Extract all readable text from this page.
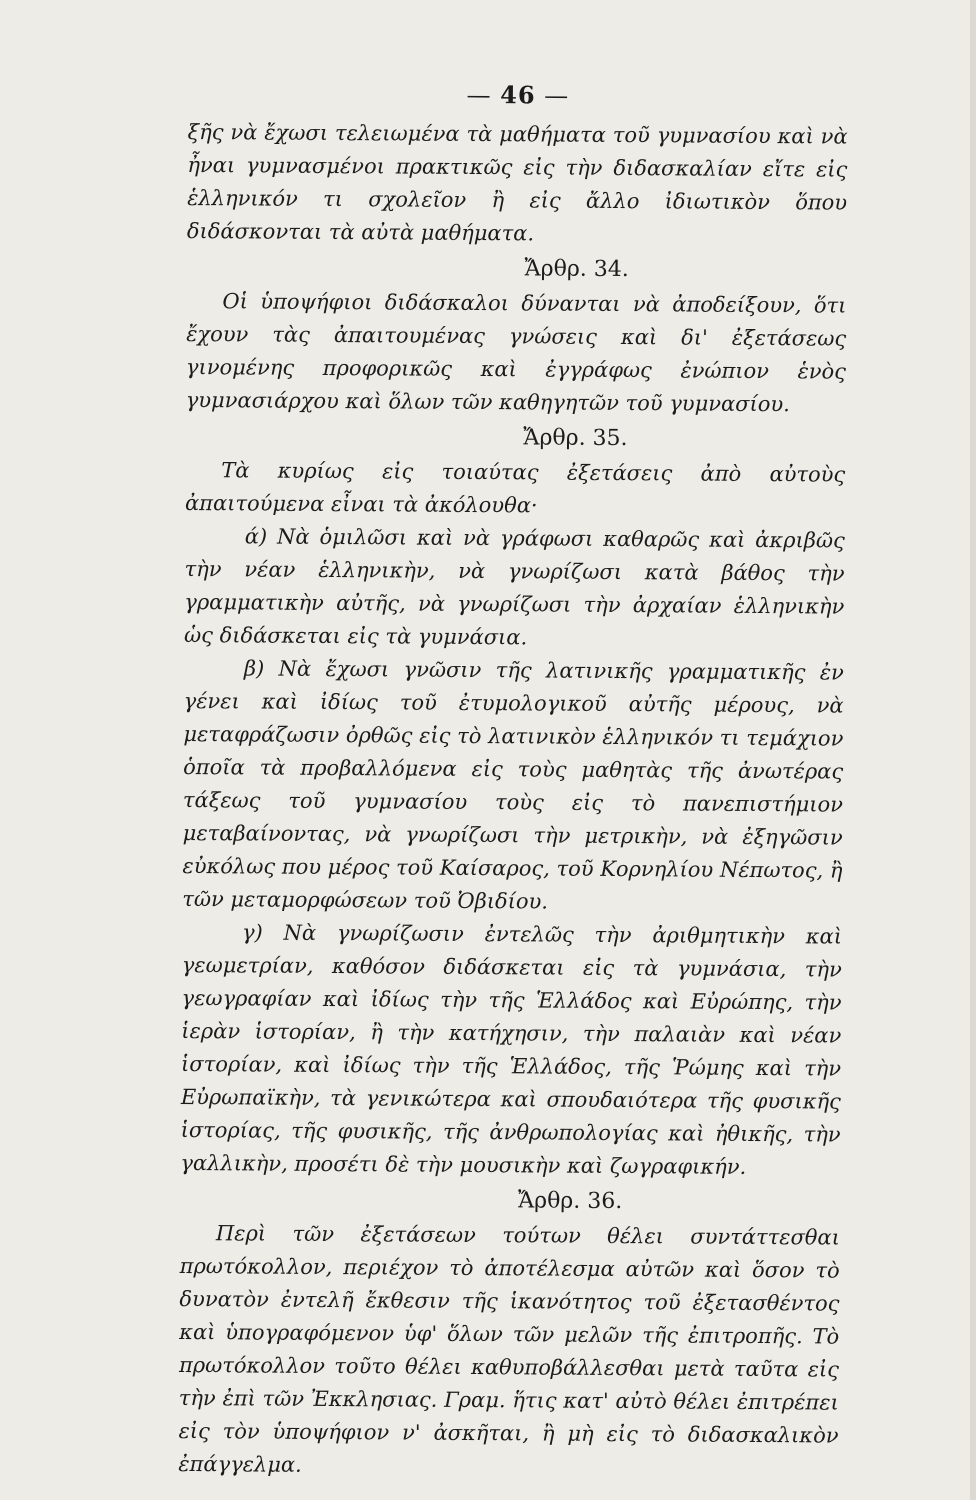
— 46 —

ξῆς νὰ ἔχωσι τελειωμένα τὰ μαθήματα τοῦ γυμνασίου καὶ νὰ ἦναι γυμνασμένοι πρακτικῶς εἰς τὴν διδασκαλίαν εἴτε εἰς ἑλληνικόν τι σχολεῖον ἢ εἰς ἄλλο ἰδιωτικὸν ὅπου διδάσκονται τὰ αὐτὰ μαθήματα.

Ἄρθρ. 34.

Οἱ ὑποψήφιοι διδάσκαλοι δύνανται νὰ ἀποδείξουν, ὅτι ἔχουν τὰς ἀπαιτουμένας γνώσεις καὶ δι' ἐξετάσεως γινομένης προφορικῶς καὶ ἐγγράφως ἐνώπιον ἑνὸς γυμνασιάρχου καὶ ὅλων τῶν καθηγητῶν τοῦ γυμνασίου.

Ἄρθρ. 35.

Τὰ κυρίως εἰς τοιαύτας ἐξετάσεις ἀπὸ αὐτοὺς ἀπαιτούμενα εἶναι τὰ ἀκόλουθα·

ά) Νὰ ὁμιλῶσι καὶ νὰ γράφωσι καθαρῶς καὶ ἀκριβῶς τὴν νέαν ἑλληνικὴν, νὰ γνωρίζωσι κατὰ βάθος τὴν γραμματικὴν αὐτῆς, νὰ γνωρίζωσι τὴν ἀρχαίαν ἑλληνικὴν ὡς διδάσκεται εἰς τὰ γυμνάσια.

β) Νὰ ἔχωσι γνῶσιν τῆς λατινικῆς γραμματικῆς ἐν γένει καὶ ἰδίως τοῦ ἐτυμολογικοῦ αὐτῆς μέρους, νὰ μεταφράζωσιν ὀρθῶς εἰς τὸ λατινικὸν ἑλληνικόν τι τεμάχιον ὁποῖα τὰ προβαλλόμενα εἰς τοὺς μαθητὰς τῆς ἀνωτέρας τάξεως τοῦ γυμνασίου τοὺς εἰς τὸ πανεπιστήμιον μεταβαίνοντας, νὰ γνωρίζωσι τὴν μετρικὴν, νὰ ἐξηγῶσιν εὐκόλως που μέρος τοῦ Καίσαρος, τοῦ Κορνηλίου Νέπωτος, ἢ τῶν μεταμορφώσεων τοῦ Ὀβιδίου.

γ) Νὰ γνωρίζωσιν ἐντελῶς τὴν ἀριθμητικὴν καὶ γεωμετρίαν, καθόσον διδάσκεται εἰς τὰ γυμνάσια, τὴν γεωγραφίαν καὶ ἰδίως τὴν τῆς Ἑλλάδος καὶ Εὐρώπης, τὴν ἱερὰν ἱστορίαν, ἢ τὴν κατήχησιν, τὴν παλαιὰν καὶ νέαν ἱστορίαν, καὶ ἰδίως τὴν τῆς Ἑλλάδος, τῆς Ῥώμης καὶ τὴν Εὐρωπαϊκὴν, τὰ γενικώτερα καὶ σπουδαιότερα τῆς φυσικῆς ἱστορίας, τῆς φυσικῆς, τῆς ἀνθρωπολογίας καὶ ἠθικῆς, τὴν γαλλικὴν, προσέτι δὲ τὴν μουσικὴν καὶ ζωγραφικήν.

Ἄρθρ. 36.

Περὶ τῶν ἐξετάσεων τούτων θέλει συντάττεσθαι πρωτόκολλον, περιέχον τὸ ἀποτέλεσμα αὐτῶν καὶ ὅσον τὸ δυνατὸν ἐντελῆ ἔκθεσιν τῆς ἱκανότητος τοῦ ἐξετασθέντος καὶ ὑπογραφόμενον ὑφ' ὅλων τῶν μελῶν τῆς ἐπιτροπῆς. Τὸ πρωτόκολλον τοῦτο θέλει καθυποβάλλεσθαι μετὰ ταῦτα εἰς τὴν ἐπὶ τῶν Ἐκκλησιας. Γραμ. ἥτις κατ' αὐτὸ θέλει ἐπιτρέπει εἰς τὸν ὑποψήφιον ν' ἀσκῆται, ἢ μὴ εἰς τὸ διδασκαλικὸν ἐπάγγελμα.
